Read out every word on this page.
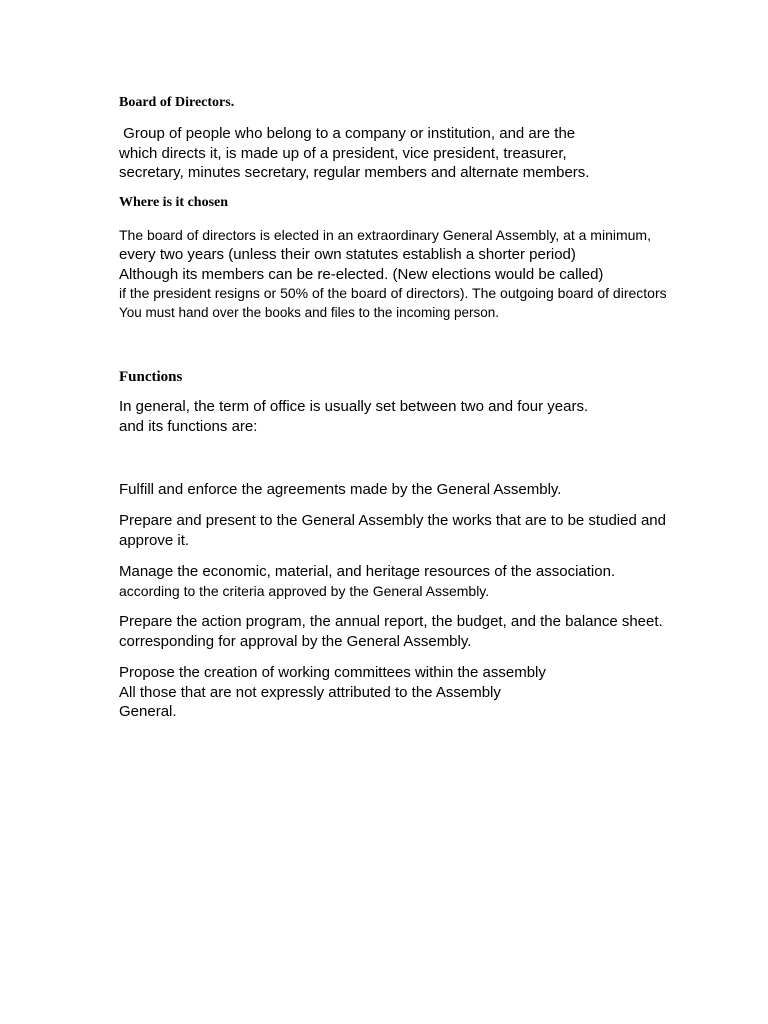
Board of Directors.

Group of people who belong to a company or institution, and are the
which directs it, is made up of a president, vice president, treasurer,
secretary, minutes secretary, regular members and alternate members.

Where is it chosen

The board of directors is elected in an extraordinary General Assembly, at a minimum,
every two years (unless their own statutes establish a shorter period)
Although its members can be re-elected. (New elections would be called)
if the president resigns or 50% of the board of directors). The outgoing board of directors
You must hand over the books and files to the incoming person.

Functions

In general, the term of office is usually set between two and four years.
and its functions are:

Fulfill and enforce the agreements made by the General Assembly.

Prepare and present to the General Assembly the works that are to be studied and
approve it.

Manage the economic, material, and heritage resources of the association.
according to the criteria approved by the General Assembly.

Prepare the action program, the annual report, the budget, and the balance sheet.
corresponding for approval by the General Assembly.

Propose the creation of working committees within the assembly
All those that are not expressly attributed to the Assembly
General.
